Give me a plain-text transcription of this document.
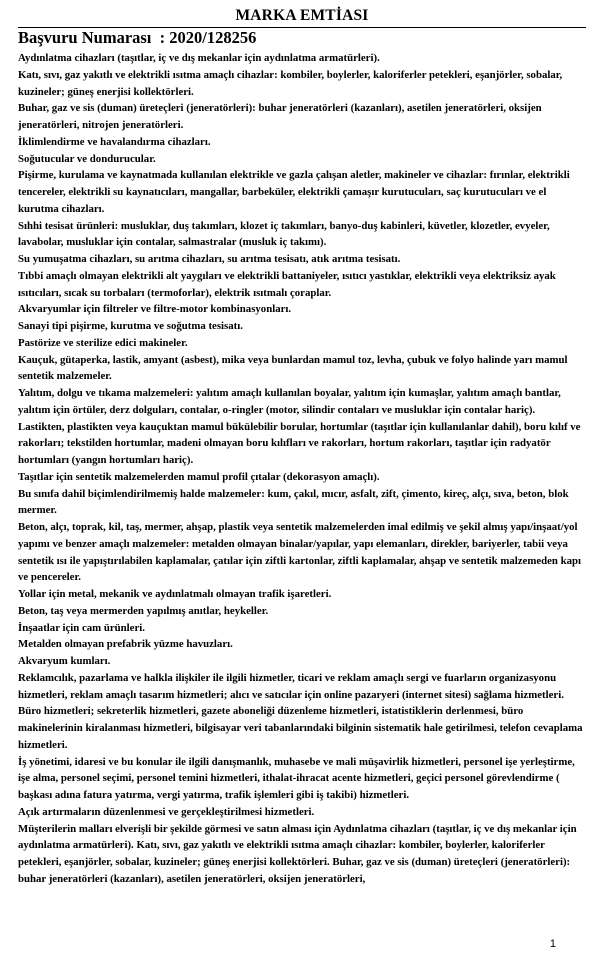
MARKA EMTİASI
Başvuru Numarası  : 2020/128256

Aydınlatma cihazları (taşıtlar, iç ve dış mekanlar için aydınlatma armatürleri).

Katı, sıvı, gaz yakıtlı ve elektrikli ısıtma amaçlı cihazlar: kombiler, boylerler, kaloriferler petekleri, eşanjörler, sobalar, kuzineler; güneş enerjisi kollektörleri.

Buhar, gaz ve sis (duman) üreteçleri (jeneratörleri): buhar jeneratörleri (kazanları), asetilen jeneratörleri, oksijen jeneratörleri, nitrojen jeneratörleri.

İklimlendirme ve havalandırma cihazları.

Soğutucular ve dondurucular.

Pişirme, kurulama ve kaynatmada kullanılan elektrikle ve gazla çalışan aletler, makineler ve cihazlar: fırınlar, elektrikli tencereler, elektrikli su kaynatıcıları, mangallar, barbeküler, elektrikli çamaşır kurutucuları, saç kurutucuları ve el kurutma cihazları.

Sıhhi tesisat ürünleri: musluklar, duş takımları, klozet iç takımları, banyo-duş kabinleri, küvetler, klozetler, evyeler, lavabolar, musluklar için contalar, salmastralar (musluk iç takımı).

Su yumuşatma cihazları, su arıtma cihazları, su arıtma tesisatı, atık arıtma tesisatı.

Tıbbi amaçlı olmayan elektrikli alt yaygıları ve elektrikli battaniyeler, ısıtıcı yastıklar, elektrikli veya elektriksiz ayak ısıtıcıları, sıcak su torbaları (termoforlar), elektrik ısıtmalı çoraplar.

Akvaryumlar için filtreler ve filtre-motor kombinasyonları.

Sanayi tipi pişirme, kurutma ve soğutma tesisatı.

Pastörize ve sterilize edici makineler.

Kauçuk, gütaperka, lastik, amyant (asbest), mika veya bunlardan mamul toz, levha, çubuk ve folyo halinde yarı mamul sentetik malzemeler.

Yalıtım, dolgu ve tıkama malzemeleri: yalıtım amaçlı kullanılan boyalar, yalıtım için kumaşlar, yalıtım amaçlı bantlar, yalıtım için örtüler, derz dolguları, contalar, o-ringler (motor, silindir contaları ve musluklar için contalar hariç).

Lastikten, plastikten veya kauçuktan mamul bükülebilir borular, hortumlar (taşıtlar için kullanılanlar dahil), boru kılıf ve rakorları; tekstilden hortumlar, madeni olmayan boru kılıfları ve rakorları, hortum rakorları, taşıtlar için radyatör hortumları (yangın hortumları hariç).

Taşıtlar için sentetik malzemelerden mamul profil çıtalar (dekorasyon amaçlı).

Bu sınıfa dahil biçimlendirilmemiş halde malzemeler: kum, çakıl, mıcır, asfalt, zift, çimento, kireç, alçı, sıva, beton, blok mermer.

Beton, alçı, toprak, kil, taş, mermer, ahşap, plastik veya sentetik malzemelerden imal edilmiş ve şekil almış yapı/inşaat/yol yapımı ve benzer amaçlı malzemeler: metalden olmayan binalar/yapılar, yapı elemanları, direkler, bariyerler, tabii veya sentetik ısı ile yapıştırılabilen kaplamalar, çatılar için ziftli kartonlar, ziftli kaplamalar, ahşap ve sentetik malzemeden kapı ve pencereler.

Yollar için metal, mekanik ve aydınlatmalı olmayan trafik işaretleri.

Beton, taş veya mermerden yapılmış anıtlar, heykeller.

İnşaatlar için cam ürünleri.

Metalden olmayan prefabrik yüzme havuzları.

Akvaryum kumları.

Reklamcılık, pazarlama ve halkla ilişkiler ile ilgili hizmetler, ticari ve reklam amaçlı sergi ve fuarların organizasyonu hizmetleri, reklam amaçlı tasarım hizmetleri; alıcı ve satıcılar için online pazaryeri (internet sitesi) sağlama hizmetleri.

Büro hizmetleri; sekreterlik hizmetleri, gazete aboneliği düzenleme hizmetleri, istatistiklerin derlenmesi, büro makinelerinin kiralanması hizmetleri, bilgisayar veri tabanlarındaki bilginin sistematik hale getirilmesi, telefon cevaplama hizmetleri.

İş yönetimi, idaresi ve bu konular ile ilgili danışmanlık, muhasebe ve mali müşavirlik hizmetleri, personel işe yerleştirme, işe alma, personel seçimi, personel temini hizmetleri, ithalat-ihracat acente hizmetleri, geçici personel görevlendirme ( başkası adına fatura yatırma, vergi yatırma, trafik işlemleri gibi iş takibi) hizmetleri.

Açık artırmaların düzenlenmesi ve gerçekleştirilmesi hizmetleri.

Müşterilerin malları elverişli bir şekilde görmesi ve satın alması için Aydınlatma cihazları (taşıtlar, iç ve dış mekanlar için aydınlatma armatürleri). Katı, sıvı, gaz yakıtlı ve elektrikli ısıtma amaçlı cihazlar: kombiler, boylerler, kaloriferler petekleri, eşanjörler, sobalar, kuzineler; güneş enerjisi kollektörleri. Buhar, gaz ve sis (duman) üreteçleri (jeneratörleri): buhar jeneratörleri (kazanları), asetilen jeneratörleri, oksijen jeneratörleri,

1
